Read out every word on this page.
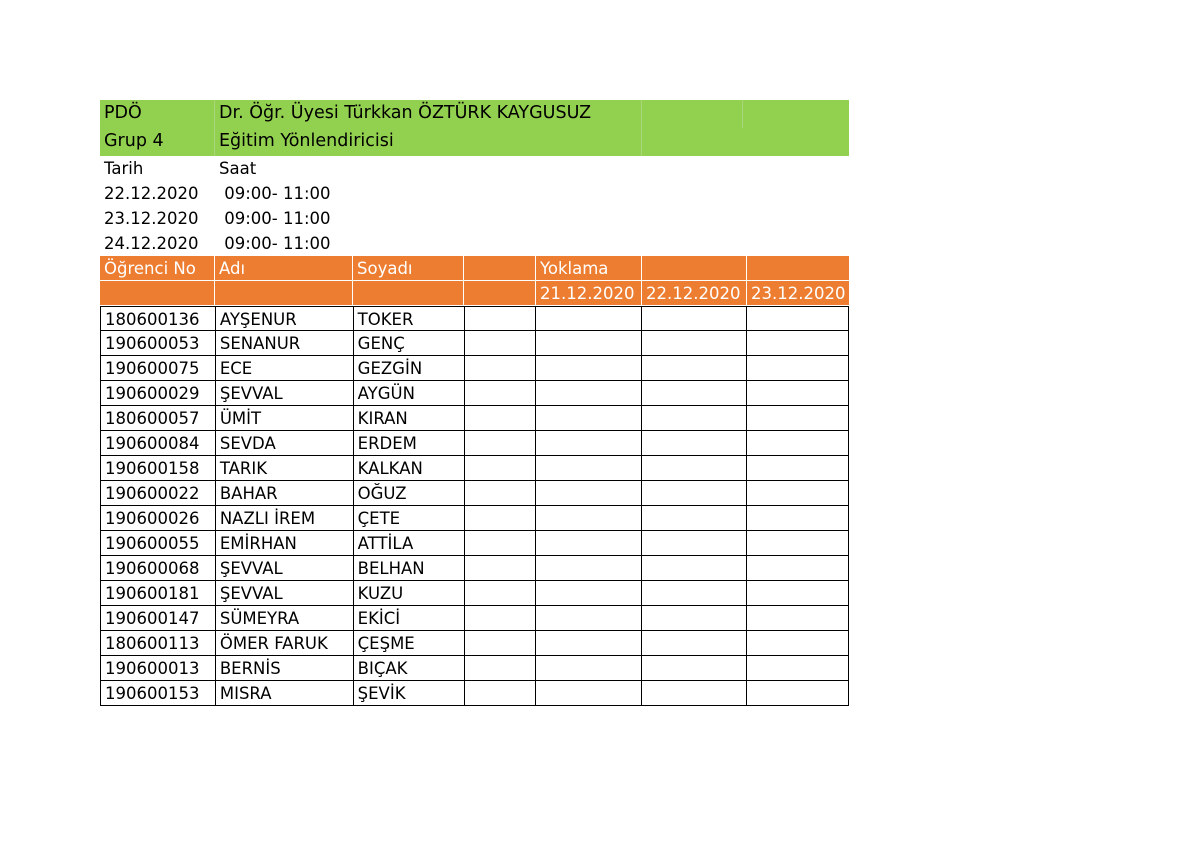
PDÖ	Dr. Öğr. Üyesi Türkkan ÖZTÜRK KAYGUSUZ
Grup 4	Eğitim Yönlendiricisi
Tarih	Saat
22.12.2020	09:00- 11:00
23.12.2020	09:00- 11:00
24.12.2020	09:00- 11:00
Öğrenci No	Adı	Soyadı	Yoklama
21.12.2020 22.12.2020 23.12.2020
180600136	AYŞENUR	TOKER
190600053	SENANUR	GENÇ
190600075	ECE	GEZGİN
190600029	ŞEVVAL	AYGÜN
180600057	ÜMİT	KIRAN
190600084	SEVDA	ERDEM
190600158	TARIK	KALKAN
190600022	BAHAR	OĞUZ
190600026	NAZLI İREM	ÇETE
190600055	EMİRHAN	ATTİLA
190600068	ŞEVVAL	BELHAN
190600181	ŞEVVAL	KUZU
190600147	SÜMEYRA	EKİCİ
180600113	ÖMER FARUK	ÇEŞME
190600013	BERNİS	BIÇAK
190600153	MISRA	ŞEVİK
